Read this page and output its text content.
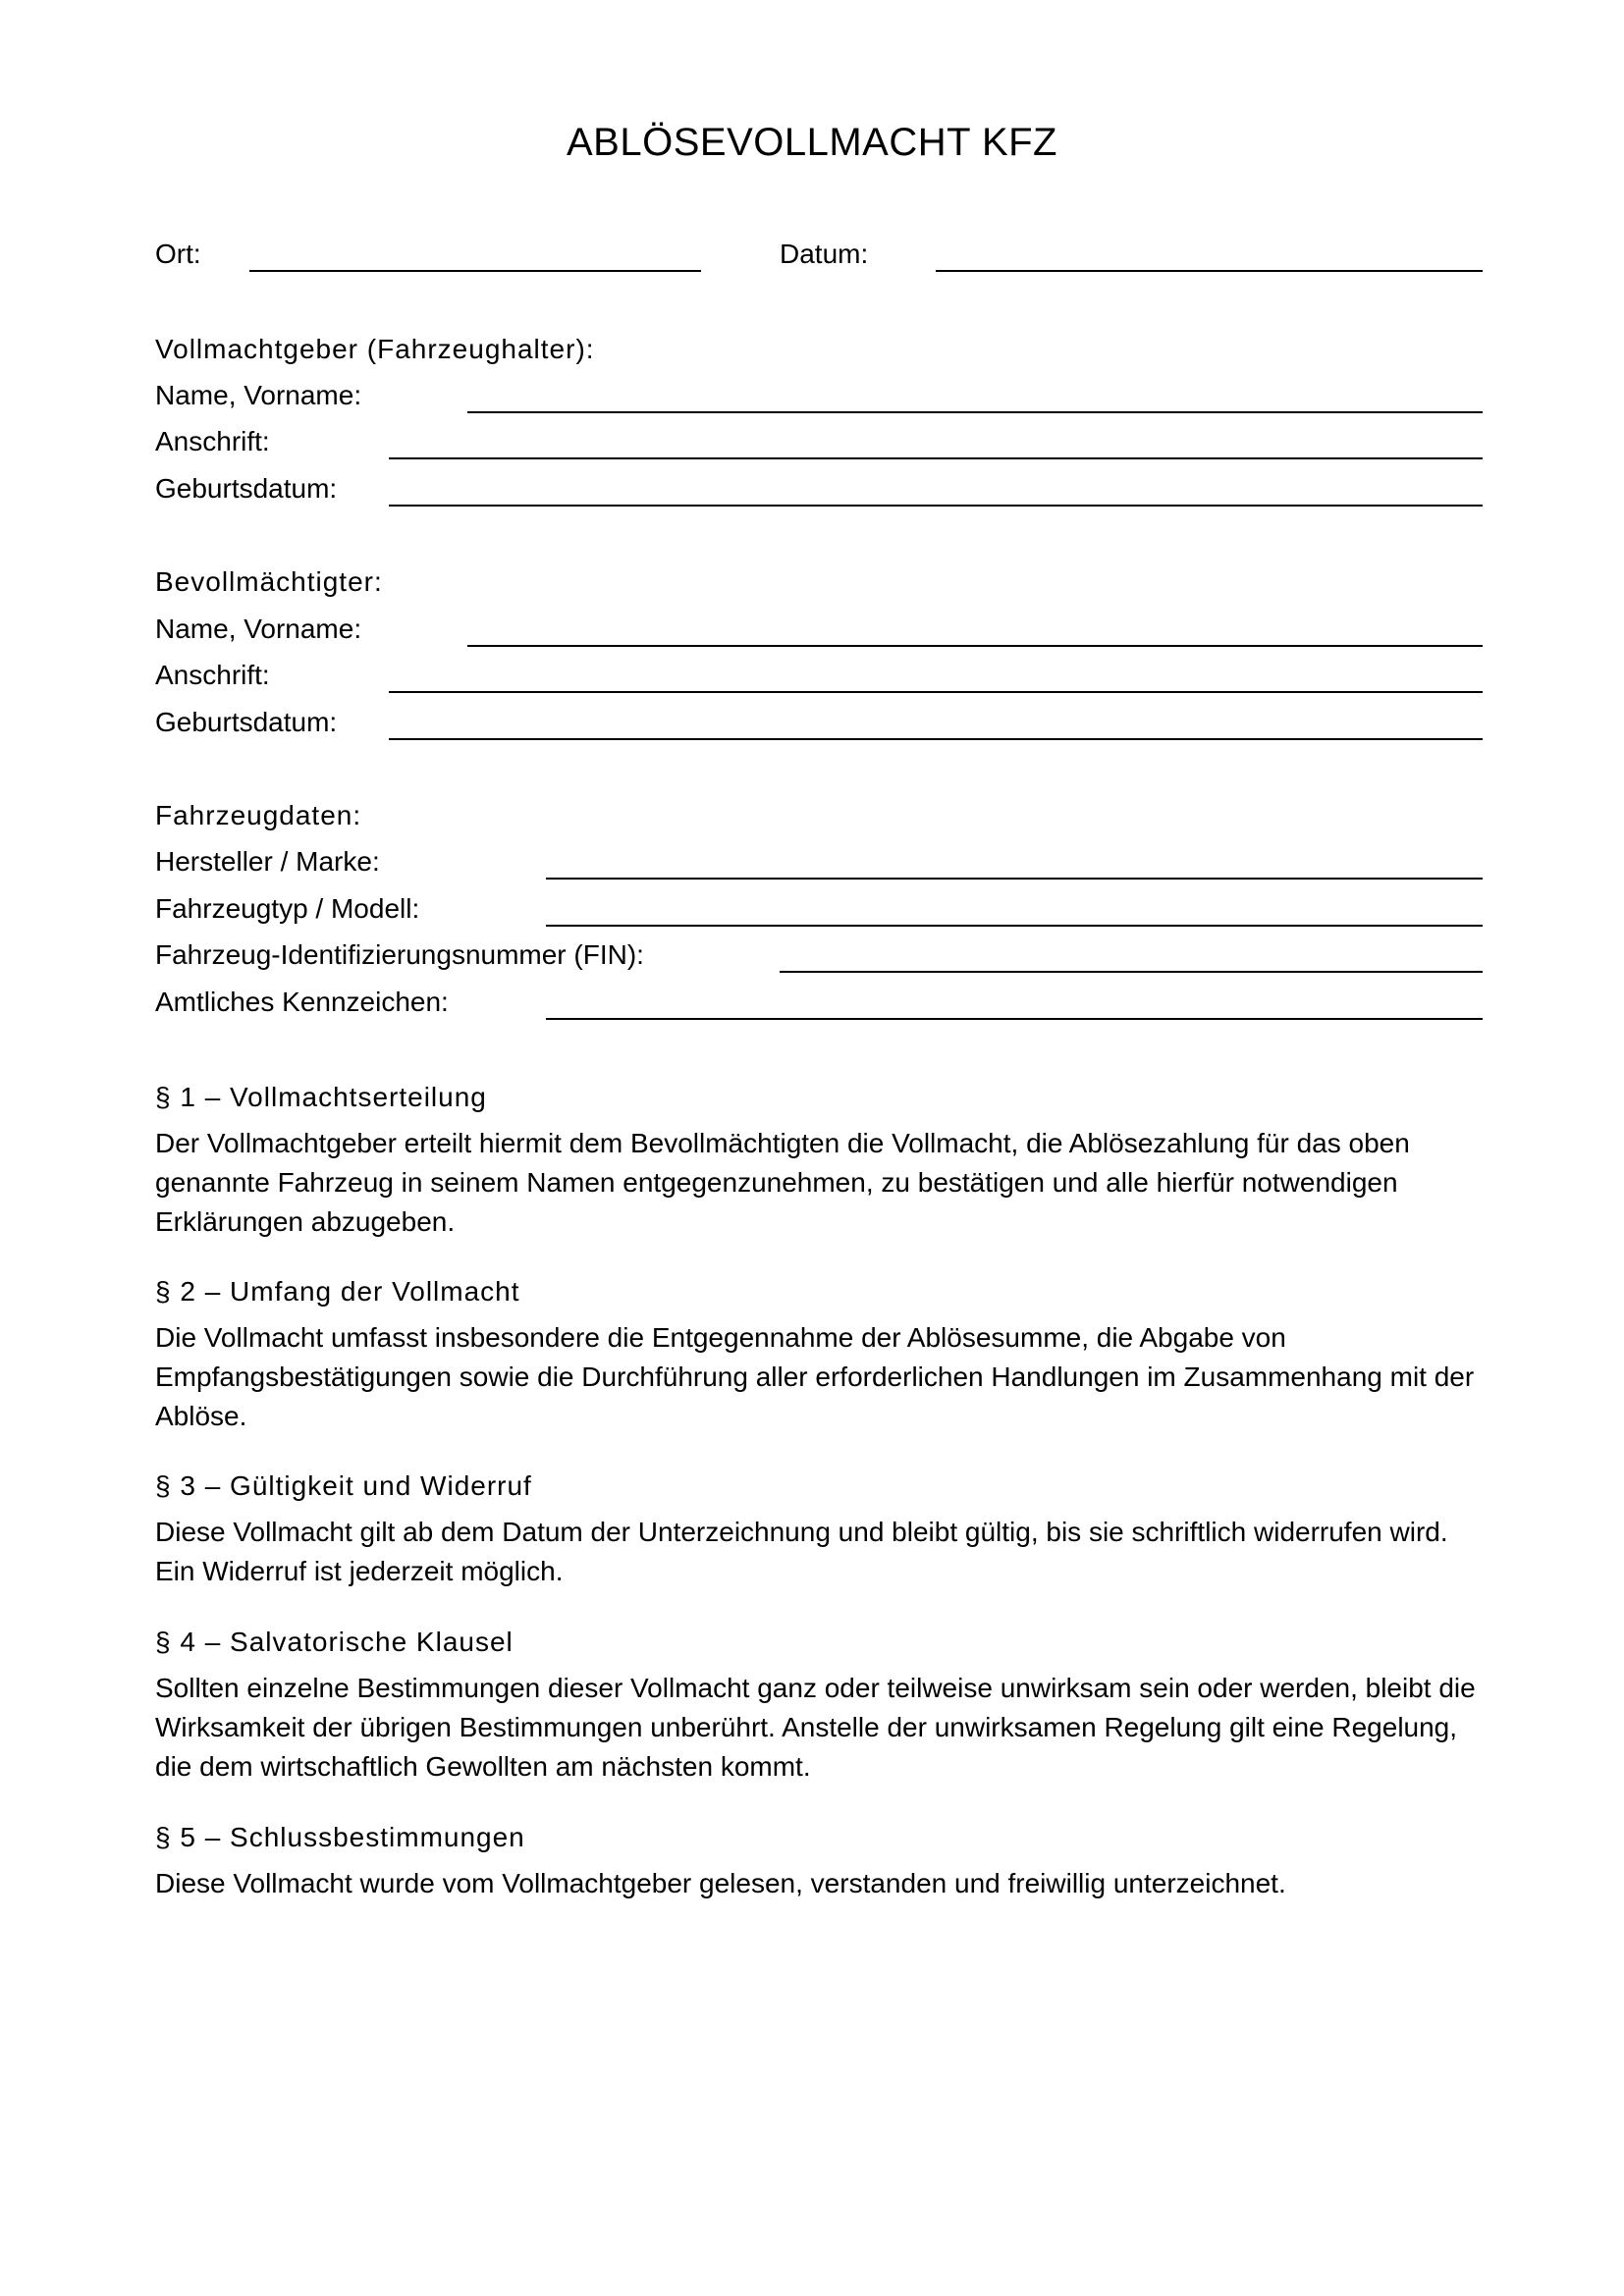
ABLÖSEVOLLMACHT KFZ
Ort:	Datum:
Vollmachtgeber (Fahrzeughalter):
Name, Vorname:
Anschrift:
Geburtsdatum:
Bevollmächtigter:
Name, Vorname:
Anschrift:
Geburtsdatum:
Fahrzeugdaten:
Hersteller / Marke:
Fahrzeugtyp / Modell:
Fahrzeug-Identifizierungsnummer (FIN):
Amtliches Kennzeichen:
§ 1 – Vollmachtserteilung

Der Vollmachtgeber erteilt hiermit dem Bevollmächtigten die Vollmacht, die Ablösezahlung für das oben genannte Fahrzeug in seinem Namen entgegenzunehmen, zu bestätigen und alle hierfür notwendigen Erklärungen abzugeben.

§ 2 – Umfang der Vollmacht

Die Vollmacht umfasst insbesondere die Entgegennahme der Ablösesumme, die Abgabe von Empfangsbestätigungen sowie die Durchführung aller erforderlichen Handlungen im Zusammenhang mit der Ablöse.

§ 3 – Gültigkeit und Widerruf

Diese Vollmacht gilt ab dem Datum der Unterzeichnung und bleibt gültig, bis sie schriftlich widerrufen wird. Ein Widerruf ist jederzeit möglich.

§ 4 – Salvatorische Klausel

Sollten einzelne Bestimmungen dieser Vollmacht ganz oder teilweise unwirksam sein oder werden, bleibt die Wirksamkeit der übrigen Bestimmungen unberührt. Anstelle der unwirksamen Regelung gilt eine Regelung, die dem wirtschaftlich Gewollten am nächsten kommt.

§ 5 – Schlussbestimmungen

Diese Vollmacht wurde vom Vollmachtgeber gelesen, verstanden und freiwillig unterzeichnet.
